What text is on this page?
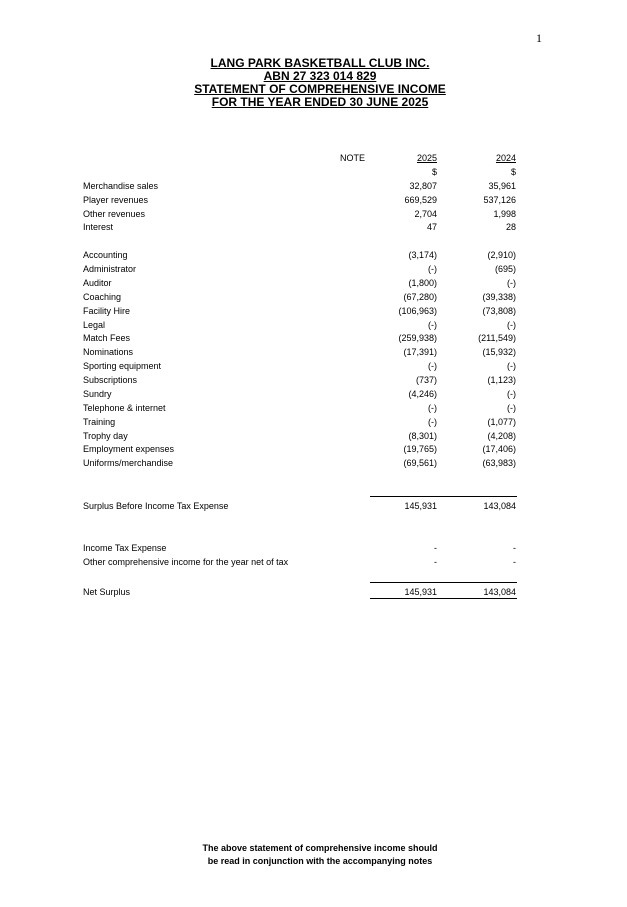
1
LANG PARK BASKETBALL CLUB INC.
ABN 27 323 014 829
STATEMENT OF COMPREHENSIVE INCOME
FOR THE YEAR ENDED 30 JUNE 2025
NOTE	2025	2024
$	$
Merchandise sales	32,807	35,961
Player revenues	669,529	537,126
Other revenues	2,704	1,998
Interest	47	28
Accounting	(3,174)	(2,910)
Administrator	(-)	(695)
Auditor	(1,800)	(-)
Coaching	(67,280)	(39,338)
Facility Hire	(106,963)	(73,808)
Legal	(-)	(-)
Match Fees	(259,938)	(211,549)
Nominations	(17,391)	(15,932)
Sporting equipment	(-)	(-)
Subscriptions	(737)	(1,123)
Sundry	(4,246)	(-)
Telephone & internet	(-)	(-)
Training	(-)	(1,077)
Trophy day	(8,301)	(4,208)
Employment expenses	(19,765)	(17,406)
Uniforms/merchandise	(69,561)	(63,983)
Surplus Before Income Tax Expense	145,931	143,084
Income Tax Expense	-	-
Other comprehensive income for the year net of tax	-	-
Net Surplus	145,931	143,084
The above statement of comprehensive income should
be read in conjunction with the accompanying notes
